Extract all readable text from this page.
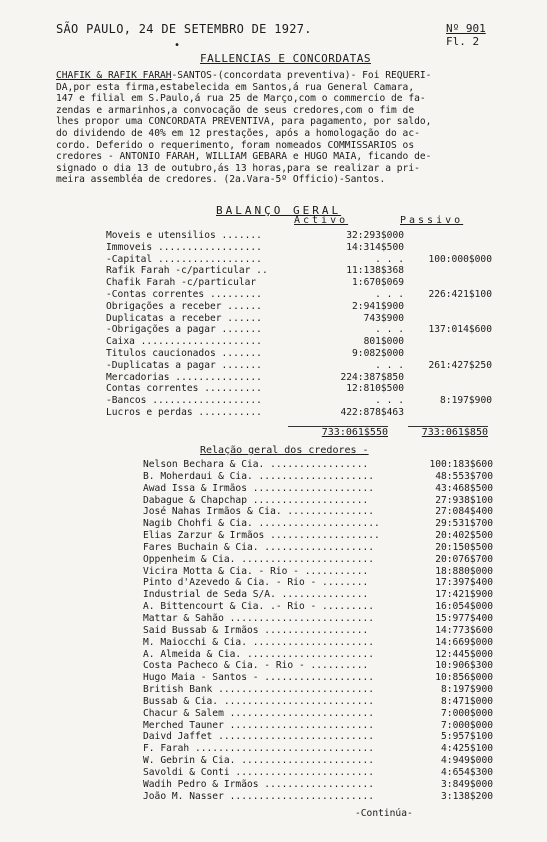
SÃO PAULO, 24 DE SETEMBRO DE 1927.	Nº 901
Fl. 2
•
FALLENCIAS E CONCORDATAS
CHAFIK & RAFIK FARAH-SANTOS-(concordata preventiva)- Foi REQUERI-
DA,por esta firma,estabelecida em Santos,á rua General Camara,
147 e filial em S.Paulo,á rua 25 de Março,com o commercio de fa-
zendas e armarinhos,a convocação de seus credores,com o fim de
lhes propor uma CONCORDATA PREVENTIVA, para pagamento, por saldo,
do dividendo de 40% em 12 prestações, após a homologação do ac-
cordo. Deferido o requerimento, foram nomeados COMMISSARIOS os
credores - ANTONIO FARAH, WILLIAM GEBARA e HUGO MAIA, ficando de-
signado o dia 13 de outubro,ás 13 horas,para se realizar a pri-
meira assembléa de credores. (2a.Vara-5º Officio)-Santos.
BALANÇO GERAL
Activo	Passivo
Moveis e utensilios .......	32:293$000
Immoveis ..................	14:314$500
-Capital ..................	. . .	100:000$000
Rafik Farah -c/particular ..	11:138$368
Chafik Farah -c/particular	1:670$069
-Contas correntes .........	. . .	226:421$100
Obrigações a receber ......	2:941$900
Duplicatas a receber ......	743$900
-Obrigações a pagar .......	. . .	137:014$600
Caixa .....................	801$000
Titulos caucionados .......	9:082$000
-Duplicatas a pagar .......	. . .	261:427$250
Mercadorias ...............	224:387$850
Contas correntes ..........	12:810$500
-Bancos ...................	. . .	8:197$900
Lucros e perdas ...........	422:878$463
733:061$550	733:061$850
Relação geral dos credores -
Nelson Bechara & Cia. .................	100:183$600
B. Moherdaui & Cia. ....................	48:553$700
Awad Issa & Irmãos .....................	43:468$500
Dabague & Chapchap ....................	27:938$100
José Nahas Irmãos & Cia. ...............	27:084$400
Nagib Chohfi & Cia. .....................	29:531$700
Elias Zarzur & Irmãos ...................	20:402$500
Fares Buchain & Cia. ...................	20:150$500
Oppenheim & Cia. .......................	20:076$700
Vicira Motta & Cia. - Rio - ...........	18:880$000
Pinto d'Azevedo & Cia. - Rio - ........	17:397$400
Industrial de Seda S/A. ...............	17:421$900
A. Bittencourt & Cia. .- Rio - .........	16:054$000
Mattar & Sahão .........................	15:977$400
Said Bussab & Irmãos ..................	14:773$600
M. Maiocchi & Cia. .....................	14:669$000
A. Almeida & Cia. ......................	12:445$000
Costa Pacheco & Cia. - Rio - ..........	10:906$300
Hugo Maia - Santos - ...................	10:856$000
British Bank ...........................	8:197$900
Bussab & Cia. ..........................	8:471$000
Chacur & Salem .........................	7:000$000
Merched Tauner .........................	7:000$000
Daivd Jaffet ...........................	5:957$100
F. Farah ...............................	4:425$100
W. Gebrin & Cia. .......................	4:949$000
Savoldi & Conti ........................	4:654$300
Wadih Pedro & Irmãos ...................	3:849$000
João M. Nasser .........................	3:138$200
-Continúa-
